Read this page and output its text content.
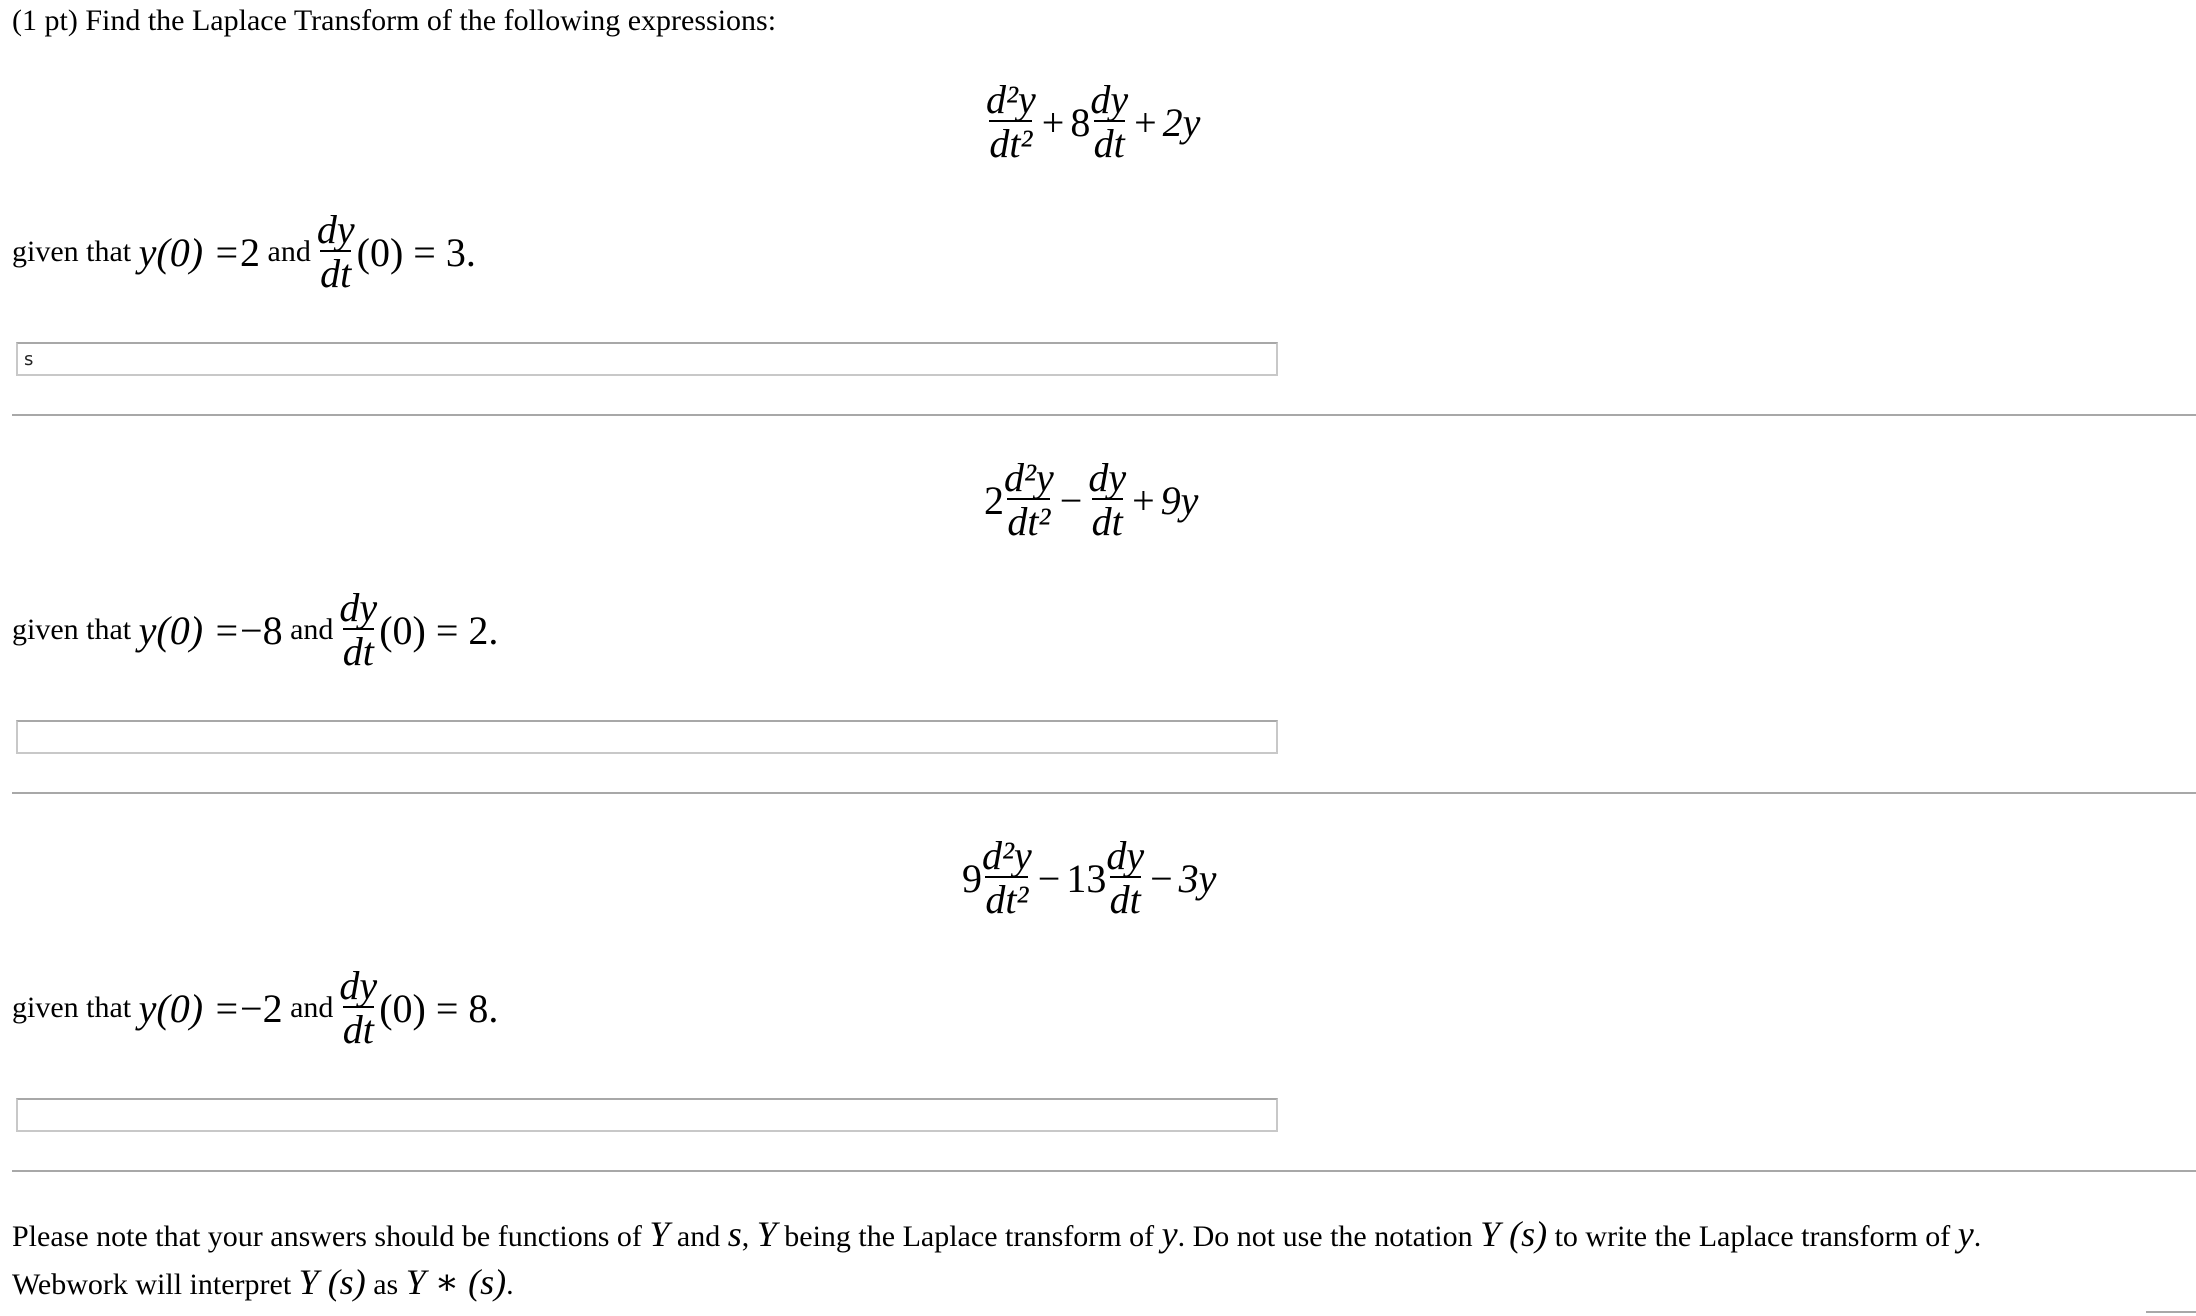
(1 pt) Find the Laplace Transform of the following expressions:
$\frac{\text{d²y}}{\text{dt²}} + 8 \frac{dy}{dt} + 2y$
given that
y(0) = 2
and $\frac{dy}{dt} (0) = 3$.
s
$2 \frac{\text{d²y}}{\text{dt²}} - \frac{dy}{dt} + 9y$
given that
y(0) = −8
and $\frac{dy}{dt} (0) = 2$.
$9 \frac{\text{d²y}}{\text{dt²}} - 13 \frac{dy}{dt} - 3y$
given that
y(0) = −2
and $\frac{dy}{dt} (0) = 8$.
Please note that your answers should be functions of Y and s, Y being the Laplace transform of y. Do not use the notation Y (s) to write the Laplace transform of y.
Webwork will interpret Y (s) as Y ∗ (s).
